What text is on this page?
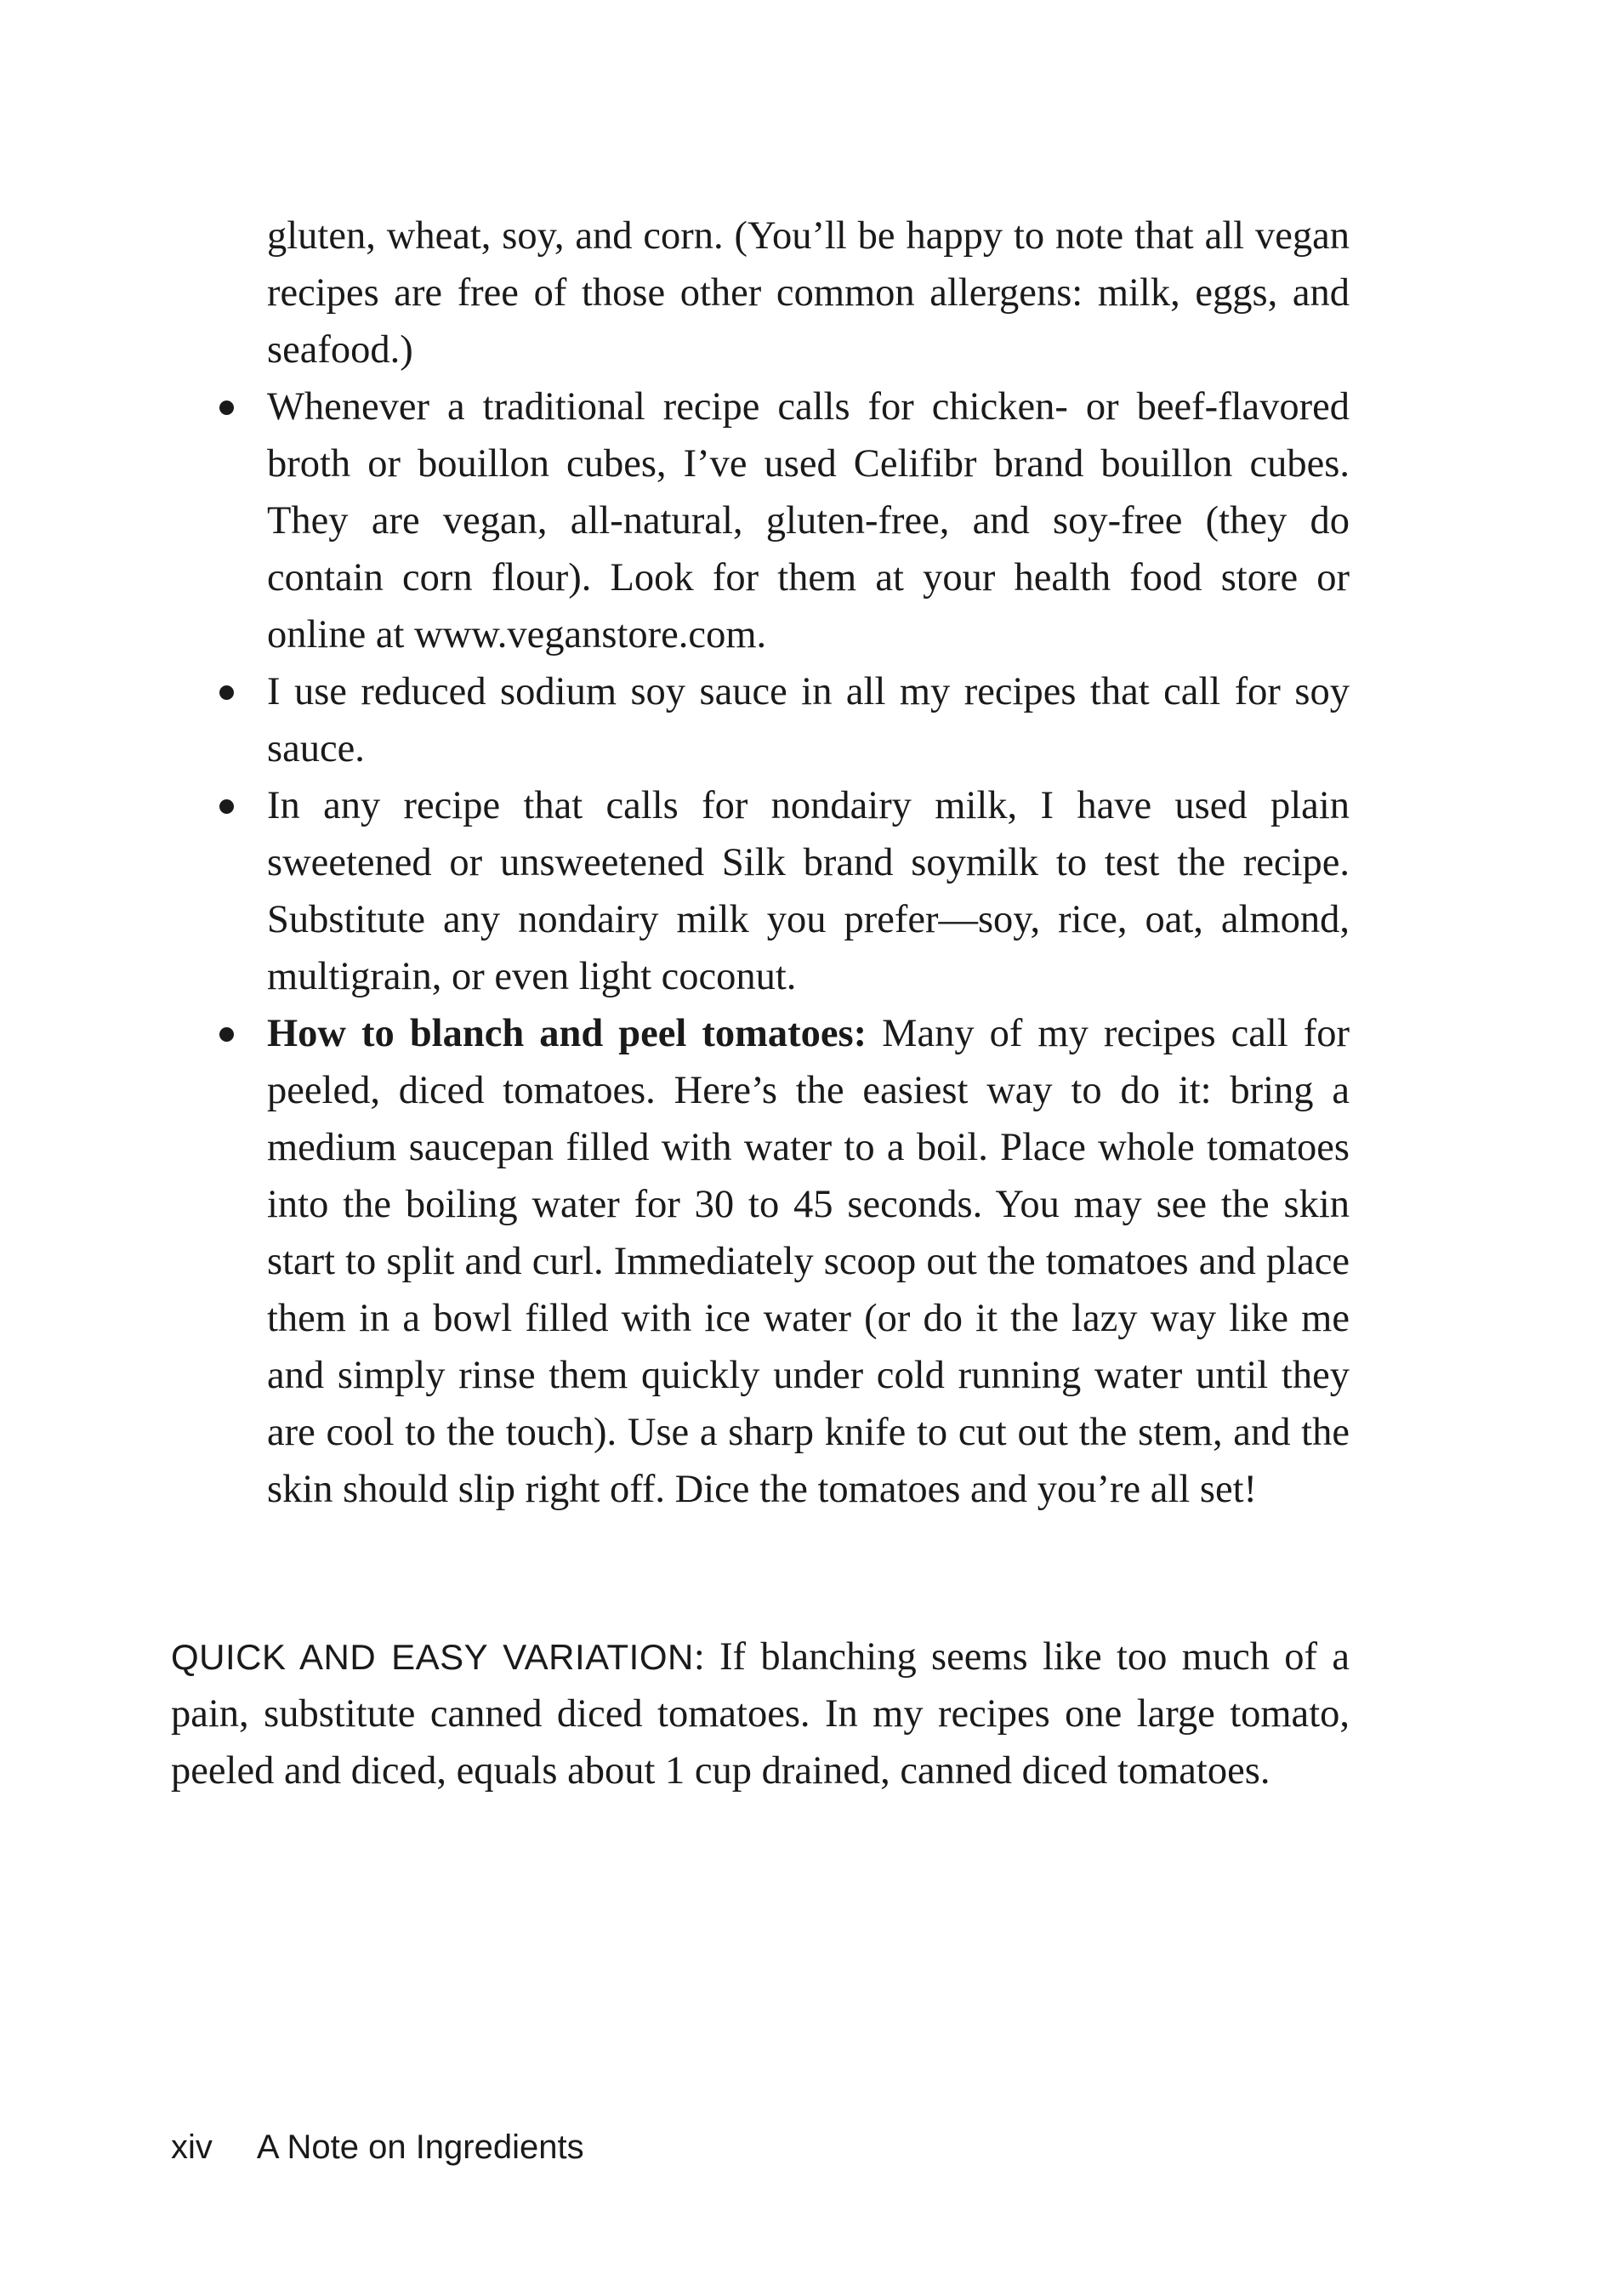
gluten, wheat, soy, and corn. (You’ll be happy to note that all vegan recipes are free of those other common allergens: milk, eggs, and seafood.)

Whenever a traditional recipe calls for chicken- or beef-flavored broth or bouillon cubes, I’ve used Celifibr brand bouillon cubes. They are vegan, all-natural, gluten-free, and soy-free (they do contain corn flour). Look for them at your health food store or online at www.veganstore.com.
I use reduced sodium soy sauce in all my recipes that call for soy sauce.
In any recipe that calls for nondairy milk, I have used plain sweetened or unsweetened Silk brand soymilk to test the recipe. Substitute any nondairy milk you prefer—soy, rice, oat, almond, multigrain, or even light coconut.
How to blanch and peel tomatoes: Many of my recipes call for peeled, diced tomatoes. Here’s the easiest way to do it: bring a medium saucepan filled with water to a boil. Place whole tomatoes into the boiling water for 30 to 45 seconds. You may see the skin start to split and curl. Immediately scoop out the tomatoes and place them in a bowl filled with ice water (or do it the lazy way like me and simply rinse them quickly under cold running water until they are cool to the touch). Use a sharp knife to cut out the stem, and the skin should slip right off. Dice the tomatoes and you’re all set!

QUICK AND EASY VARIATION: If blanching seems like too much of a pain, substitute canned diced tomatoes. In my recipes one large tomato, peeled and diced, equals about 1 cup drained, canned diced tomatoes.

xiv A Note on Ingredients
